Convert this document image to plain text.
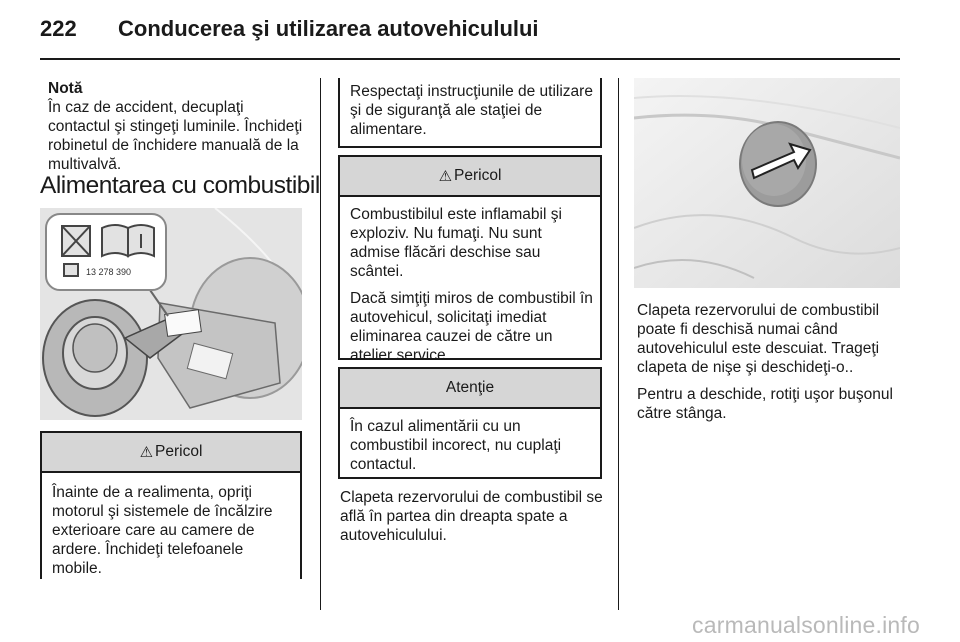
222 Conducerea şi utilizarea autovehiculului
Notă
În caz de accident, decuplaţi contactul şi stingeţi luminile. Închideţi robinetul de închidere manuală de la multivalvă.
Alimentarea cu combustibil
13 278 390
⚠ Pericol
Înainte de a realimenta, opriţi motorul şi sistemele de încălzire exterioare care au camere de ardere. Închideţi telefoanele mobile.
Respectaţi instrucţiunile de utilizare şi de siguranţă ale staţiei de alimentare.
⚠ Pericol

Combustibilul este inflamabil şi exploziv. Nu fumaţi. Nu sunt admise flăcări deschise sau scântei.

Dacă simţiţi miros de combustibil în autovehicul, solicitaţi imediat eliminarea cauzei de către un atelier service.

Atenţie
În cazul alimentării cu un combustibil incorect, nu cuplaţi contactul.
Clapeta rezervorului de combustibil se află în partea din dreapta spate a autovehiculului.

Clapeta rezervorului de combustibil poate fi deschisă numai când autovehiculul este descuiat. Trageţi clapeta de nişe şi deschideţi-o..

Pentru a deschide, rotiţi uşor buşonul către stânga.

carmanualsonline.info
